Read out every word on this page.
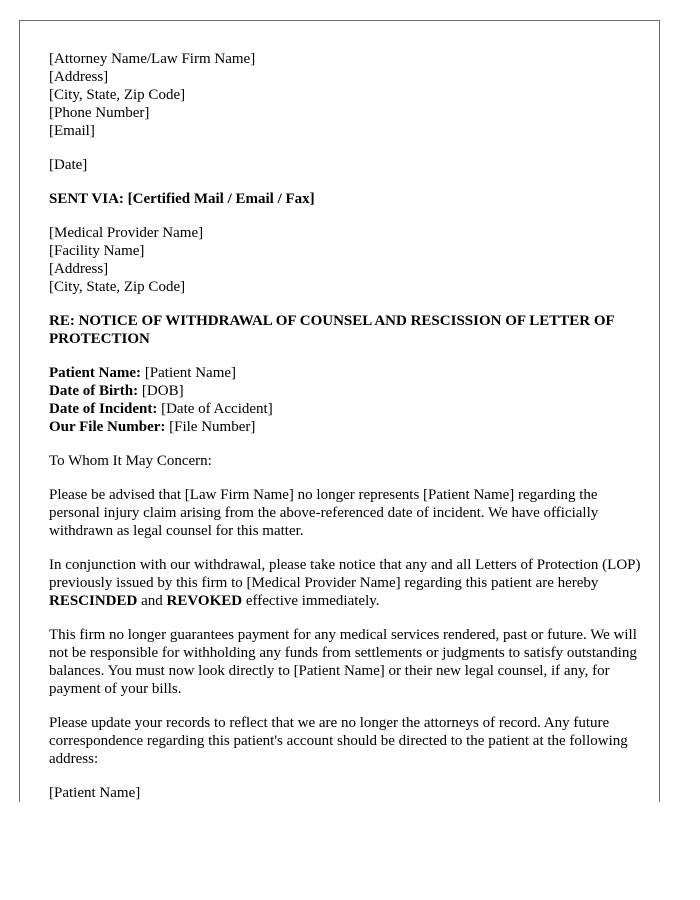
[Attorney Name/Law Firm Name]
[Address]
[City, State, Zip Code]
[Phone Number]
[Email]
[Date]
SENT VIA: [Certified Mail / Email / Fax]
[Medical Provider Name]
[Facility Name]
[Address]
[City, State, Zip Code]
RE: NOTICE OF WITHDRAWAL OF COUNSEL AND RESCISSION OF LETTER OF PROTECTION
Patient Name: [Patient Name]
Date of Birth: [DOB]
Date of Incident: [Date of Accident]
Our File Number: [File Number]

To Whom It May Concern:

Please be advised that [Law Firm Name] no longer represents [Patient Name] regarding the personal injury claim arising from the above-referenced date of incident. We have officially withdrawn as legal counsel for this matter.

In conjunction with our withdrawal, please take notice that any and all Letters of Protection (LOP) previously issued by this firm to [Medical Provider Name] regarding this patient are hereby RESCINDED and REVOKED effective immediately.

This firm no longer guarantees payment for any medical services rendered, past or future. We will not be responsible for withholding any funds from settlements or judgments to satisfy outstanding balances. You must now look directly to [Patient Name] or their new legal counsel, if any, for payment of your bills.

Please update your records to reflect that we are no longer the attorneys of record. Any future correspondence regarding this patient's account should be directed to the patient at the following address:

[Patient Name]
